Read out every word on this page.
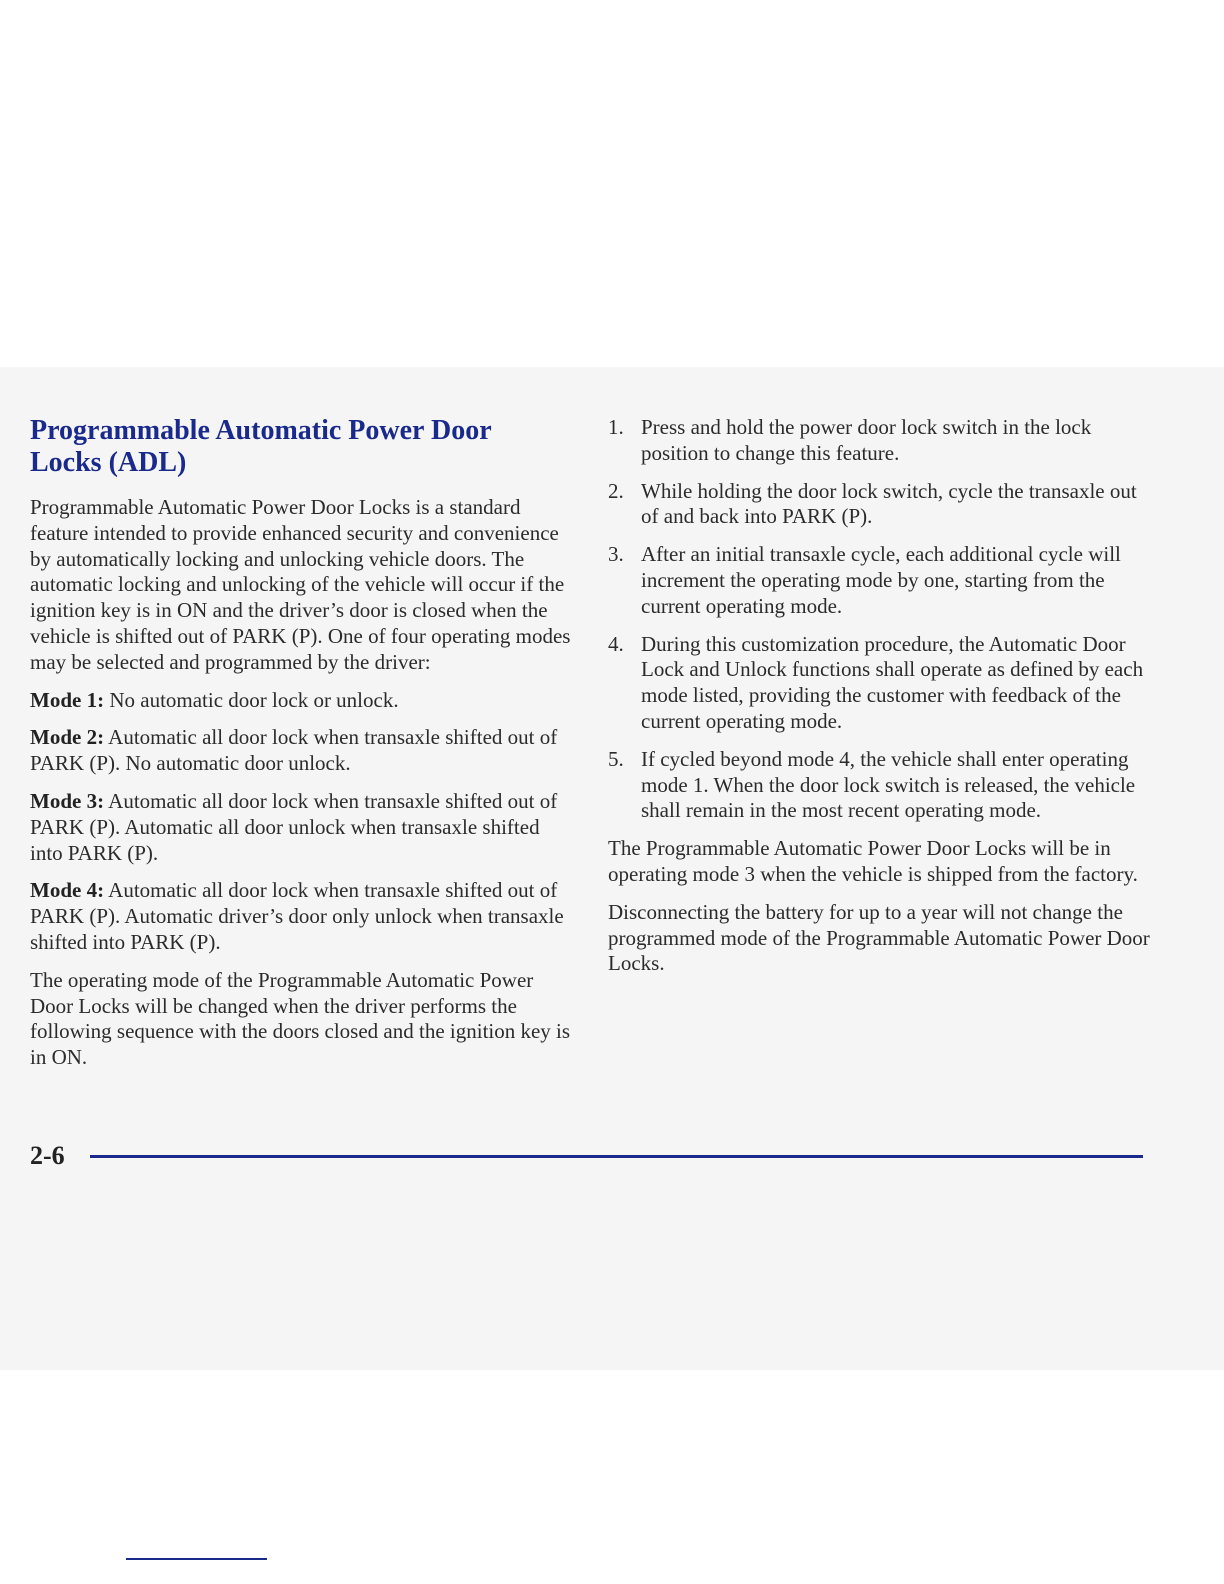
Programmable Automatic Power Door
Locks (ADL)

Programmable Automatic Power Door Locks is a standard feature intended to provide enhanced security and convenience by automatically locking and unlocking vehicle doors. The automatic locking and unlocking of the vehicle will occur if the ignition key is in ON and the driver’s door is closed when the vehicle is shifted out of PARK (P). One of four operating modes may be selected and programmed by the driver:

Mode 1: No automatic door lock or unlock.

Mode 2: Automatic all door lock when transaxle shifted out of PARK (P). No automatic door unlock.

Mode 3: Automatic all door lock when transaxle shifted out of PARK (P). Automatic all door unlock when transaxle shifted into PARK (P).

Mode 4: Automatic all door lock when transaxle shifted out of PARK (P). Automatic driver’s door only unlock when transaxle shifted into PARK (P).

The operating mode of the Programmable Automatic Power Door Locks will be changed when the driver performs the following sequence with the doors closed and the ignition key is in ON.

1. Press and hold the power door lock switch in the lock position to change this feature.
2. While holding the door lock switch, cycle the transaxle out of and back into PARK (P).
3. After an initial transaxle cycle, each additional cycle will increment the operating mode by one, starting from the current operating mode.
4. During this customization procedure, the Automatic Door Lock and Unlock functions shall operate as defined by each mode listed, providing the customer with feedback of the current operating mode.
5. If cycled beyond mode 4, the vehicle shall enter operating mode 1. When the door lock switch is released, the vehicle shall remain in the most recent operating mode.

The Programmable Automatic Power Door Locks will be in operating mode 3 when the vehicle is shipped from the factory.

Disconnecting the battery for up to a year will not change the programmed mode of the Programmable Automatic Power Door Locks.

2-6
